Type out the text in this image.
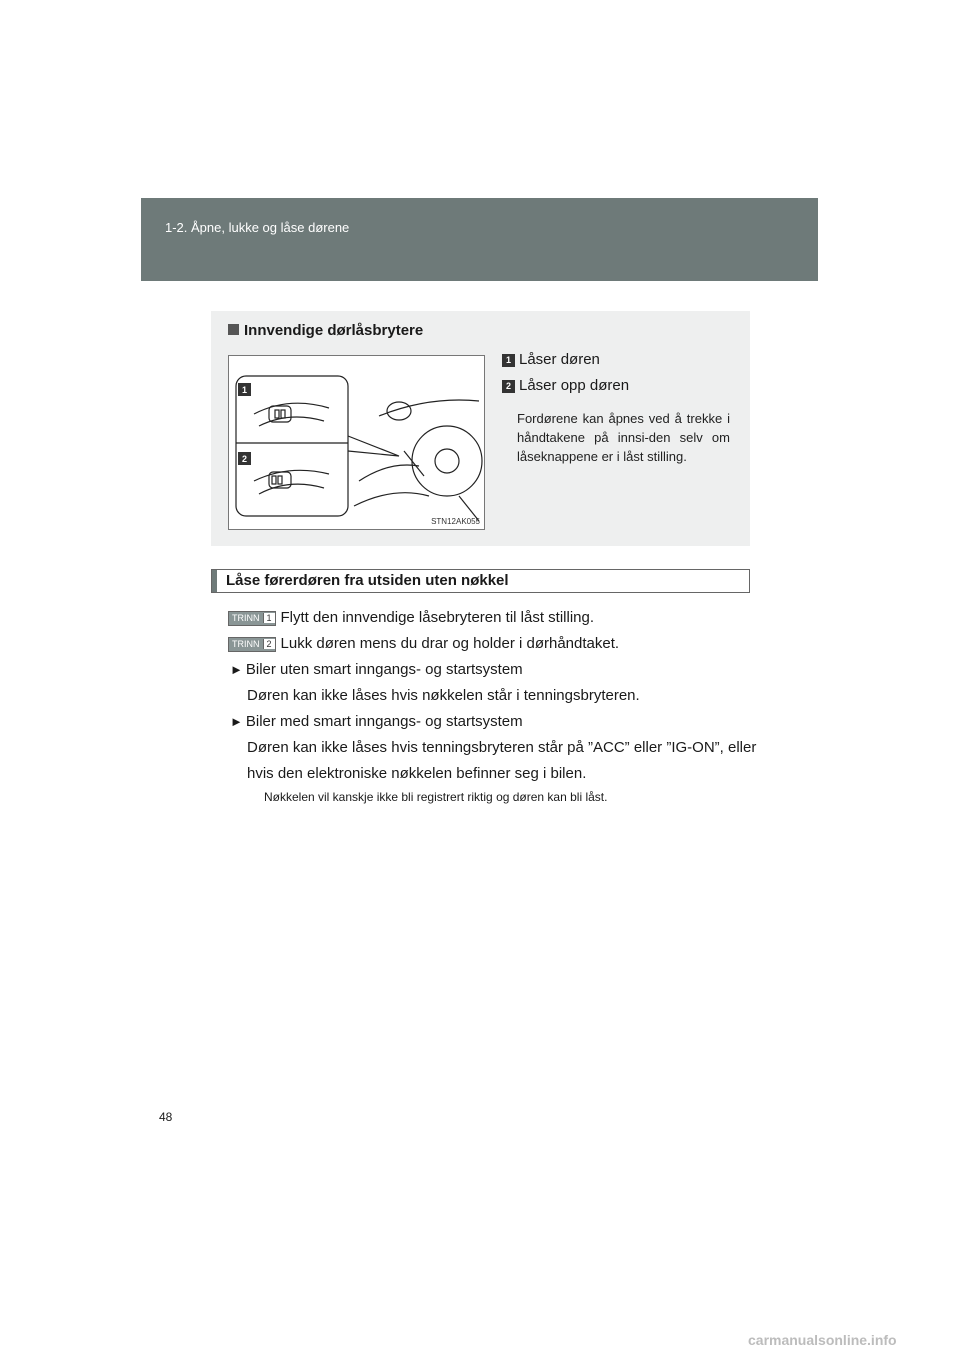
1-2. Åpne, lukke og låse dørene
Innvendige dørlåsbrytere
1
2
STN12AK055
1 Låser døren
2 Låser opp døren
Fordørene kan åpnes ved å trekke i håndtakene på innsi-den selv om låseknappene er i låst stilling.
Låse førerdøren fra utsiden uten nøkkel
TRINN 1 Flytt den innvendige låsebryteren til låst stilling.
TRINN 2 Lukk døren mens du drar og holder i dørhåndtaket.
► Biler uten smart inngangs- og startsystem
Døren kan ikke låses hvis nøkkelen står i tenningsbryteren.
► Biler med smart inngangs- og startsystem
Døren kan ikke låses hvis tenningsbryteren står på ”ACC” eller ”IG-ON”, eller hvis den elektroniske nøkkelen befinner seg i bilen.
Nøkkelen vil kanskje ikke bli registrert riktig og døren kan bli låst.
48
carmanualsonline.info
